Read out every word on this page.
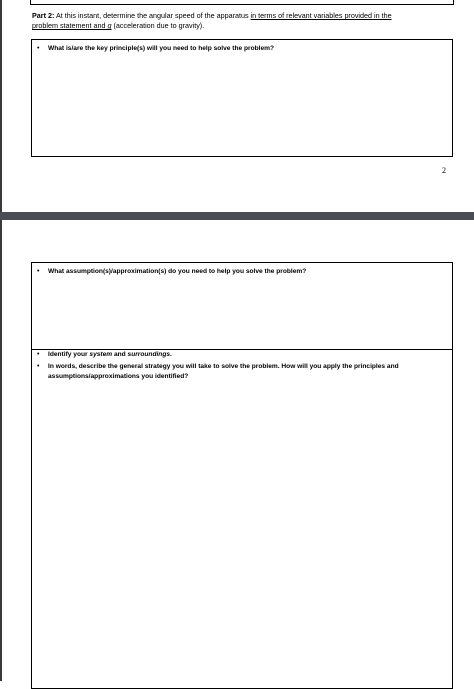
Part 2: At this instant, determine the angular speed of the apparatus in terms of relevant variables provided in the
problem statement and g (acceleration due to gravity).
• What is/are the key principle(s) will you need to help solve the problem?
2
• What assumption(s)/approximation(s) do you need to help you solve the problem?
• Identify your system and surroundings.
• In words, describe the general strategy you will take to solve the problem. How will you apply the principles and assumptions/approximations you identified?
